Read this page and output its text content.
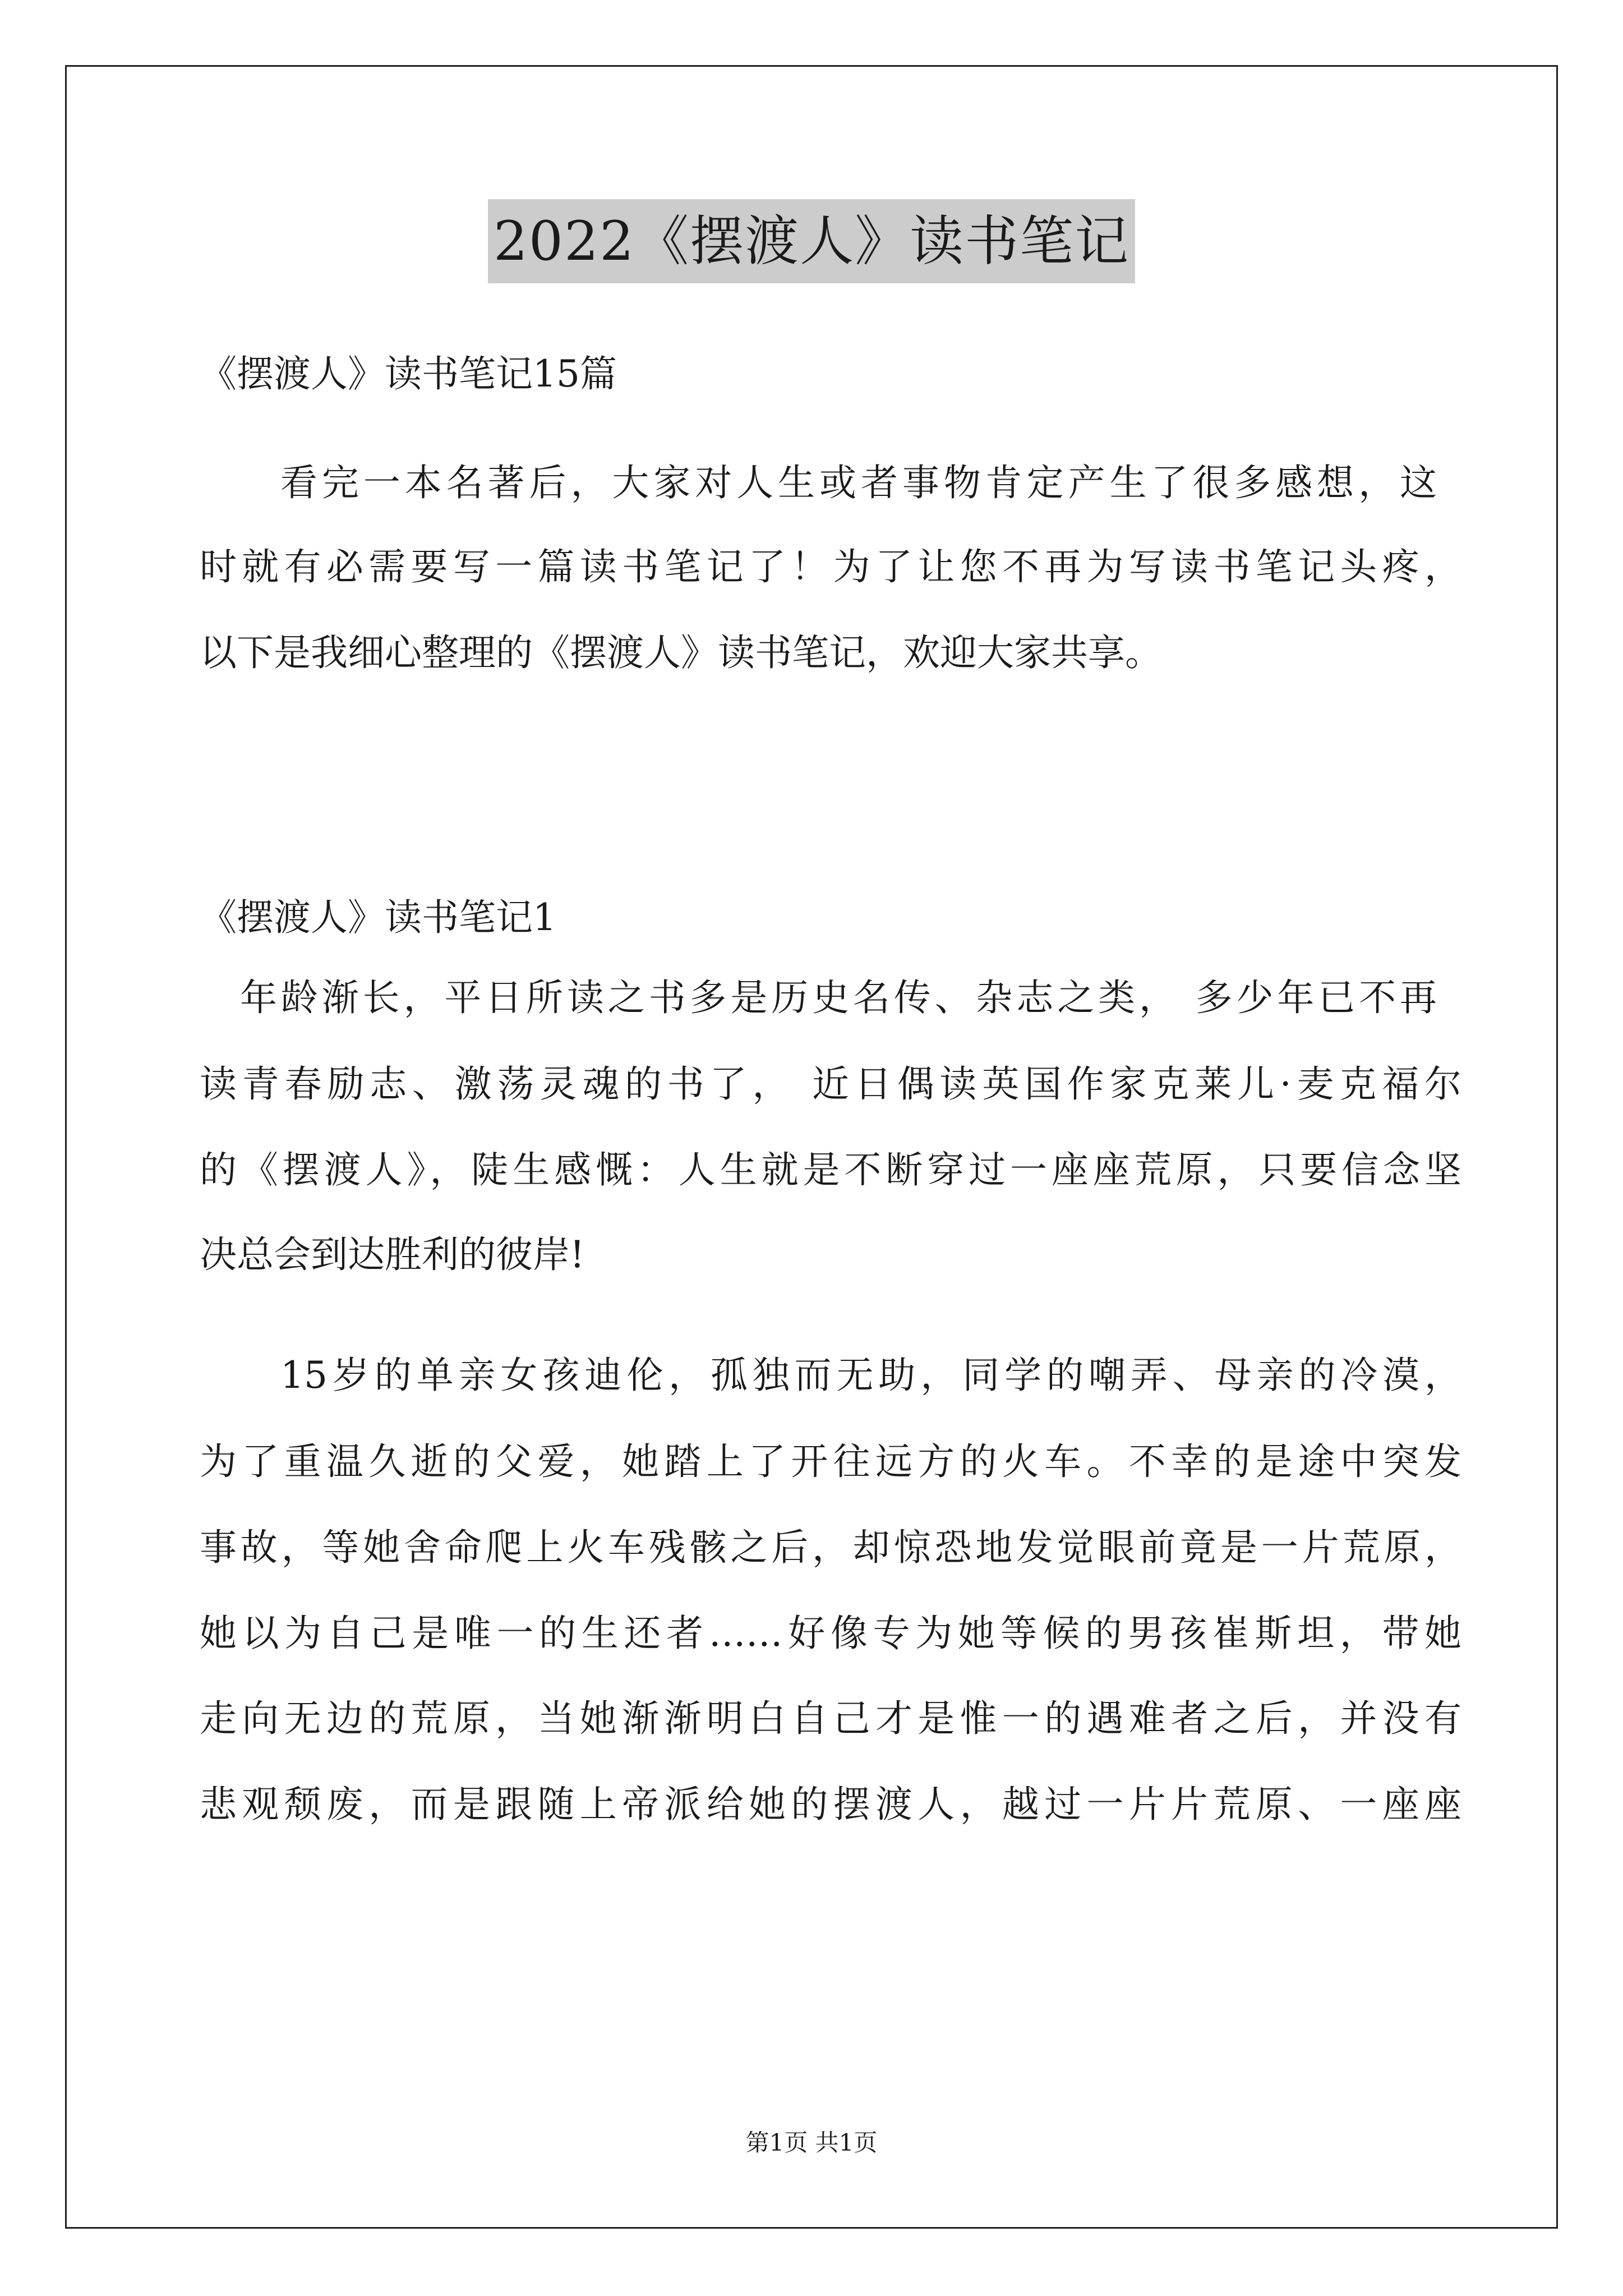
2022《摆渡人》读书笔记
《摆渡人》读书笔记15篇
看完一本名著后，大家对人生或者事物肯定产生了很多感想，这
时就有必需要写一篇读书笔记了！为了让您不再为写读书笔记头疼，
以下是我细心整理的《摆渡人》读书笔记，欢迎大家共享。
《摆渡人》读书笔记1
年龄渐长，平日所读之书多是历史名传、杂志之类， 多少年已不再
读青春励志、激荡灵魂的书了， 近日偶读英国作家克莱儿·麦克福尔
的《摆渡人》，陡生感慨：人生就是不断穿过一座座荒原，只要信念坚
决总会到达胜利的彼岸!
15岁的单亲女孩迪伦，孤独而无助，同学的嘲弄、母亲的冷漠，
为了重温久逝的父爱，她踏上了开往远方的火车。不幸的是途中突发
事故，等她舍命爬上火车残骸之后，却惊恐地发觉眼前竟是一片荒原，
她以为自己是唯一的生还者……好像专为她等候的男孩崔斯坦，带她
走向无边的荒原，当她渐渐明白自己才是惟一的遇难者之后，并没有
悲观颓废，而是跟随上帝派给她的摆渡人，越过一片片荒原、一座座
第1页 共1页
